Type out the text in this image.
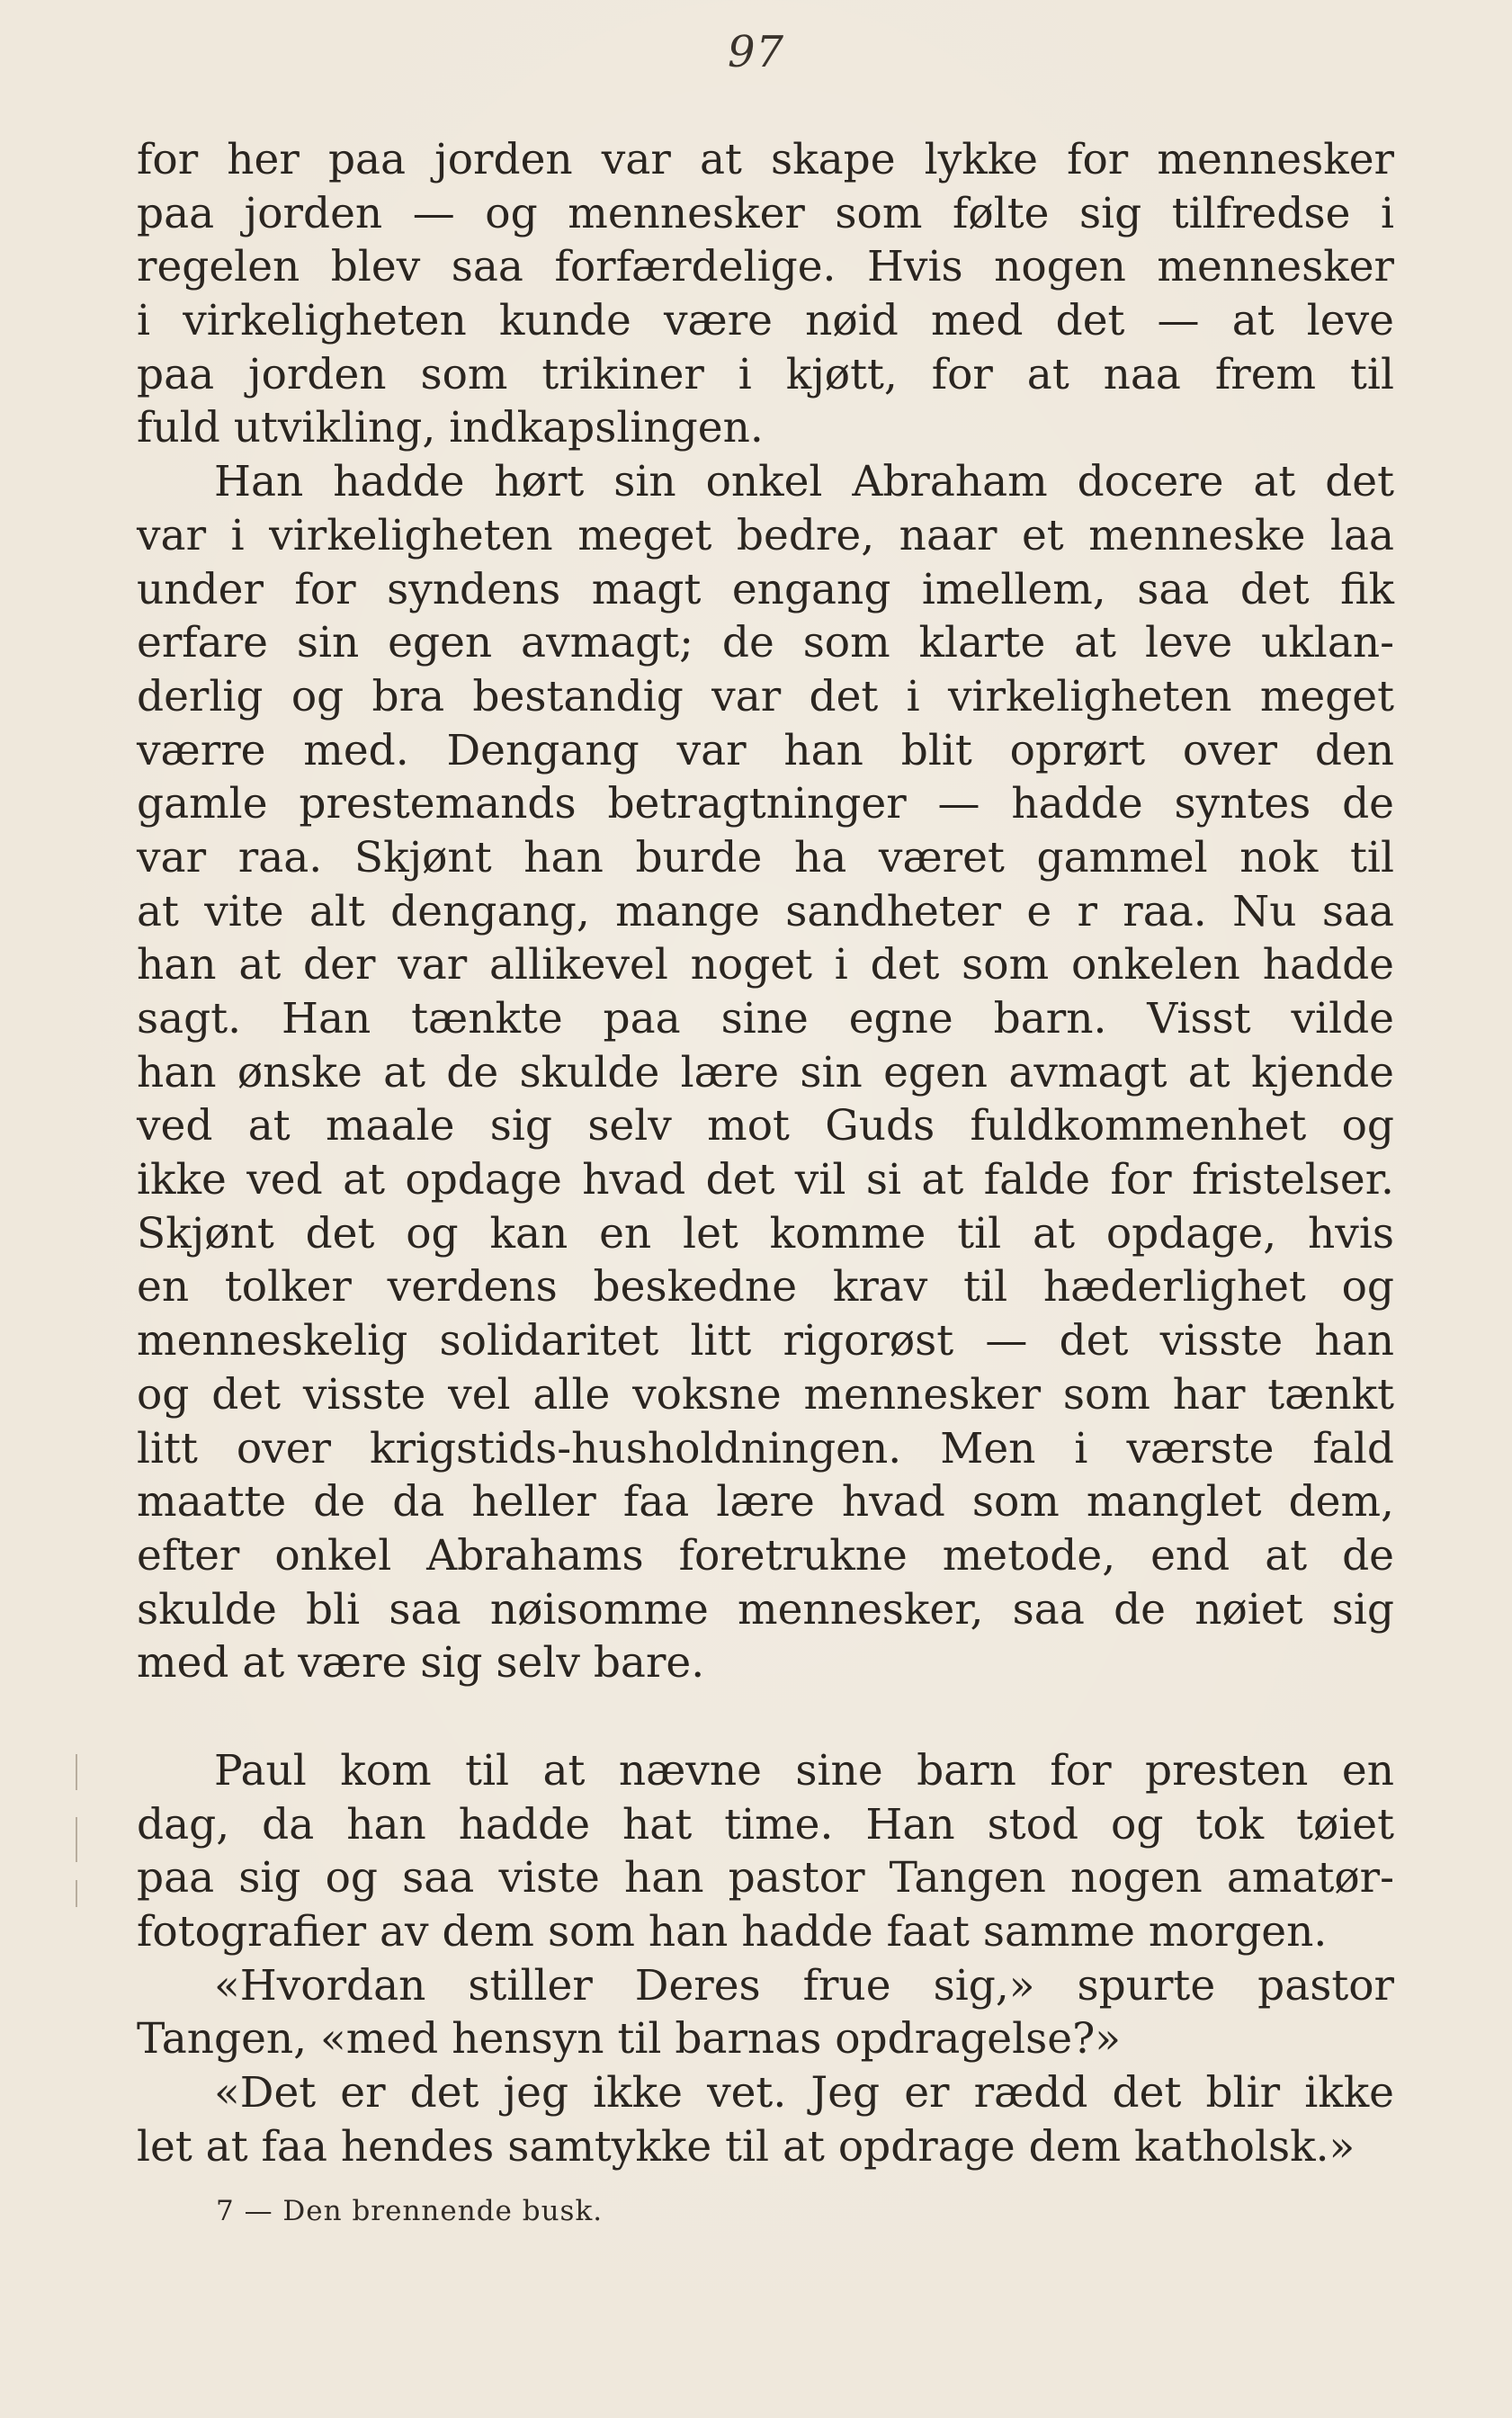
97
for her paa jorden var at skape lykke for mennesker
paa jorden — og mennesker som følte sig tilfredse i
regelen blev saa forfærdelige. Hvis nogen mennesker
i virkeligheten kunde være nøid med det — at leve
paa jorden som trikiner i kjøtt, for at naa frem til
fuld utvikling, indkapslingen.
Han hadde hørt sin onkel Abraham docere at det
var i virkeligheten meget bedre, naar et menneske laa
under for syndens magt engang imellem, saa det fik
erfare sin egen avmagt; de som klarte at leve uklan-
derlig og bra bestandig var det i virkeligheten meget
værre med. Dengang var han blit oprørt over den
gamle prestemands betragtninger — hadde syntes de
var raa. Skjønt han burde ha været gammel nok til
at vite alt dengang, mange sandheter e r raa. Nu saa
han at der var allikevel noget i det som onkelen hadde
sagt. Han tænkte paa sine egne barn. Visst vilde
han ønske at de skulde lære sin egen avmagt at kjende
ved at maale sig selv mot Guds fuldkommenhet og
ikke ved at opdage hvad det vil si at falde for fristelser.
Skjønt det og kan en let komme til at opdage, hvis
en tolker verdens beskedne krav til hæderlighet og
menneskelig solidaritet litt rigorøst — det visste han
og det visste vel alle voksne mennesker som har tænkt
litt over krigstids-husholdningen. Men i værste fald
maatte de da heller faa lære hvad som manglet dem,
efter onkel Abrahams foretrukne metode, end at de
skulde bli saa nøisomme mennesker, saa de nøiet sig
med at være sig selv bare.
Paul kom til at nævne sine barn for presten en
dag, da han hadde hat time. Han stod og tok tøiet
paa sig og saa viste han pastor Tangen nogen amatør-
fotografier av dem som han hadde faat samme morgen.
«Hvordan stiller Deres frue sig,» spurte pastor
Tangen, «med hensyn til barnas opdragelse?»
«Det er det jeg ikke vet. Jeg er rædd det blir ikke
let at faa hendes samtykke til at opdrage dem katholsk.»
7 — Den brennende busk.
